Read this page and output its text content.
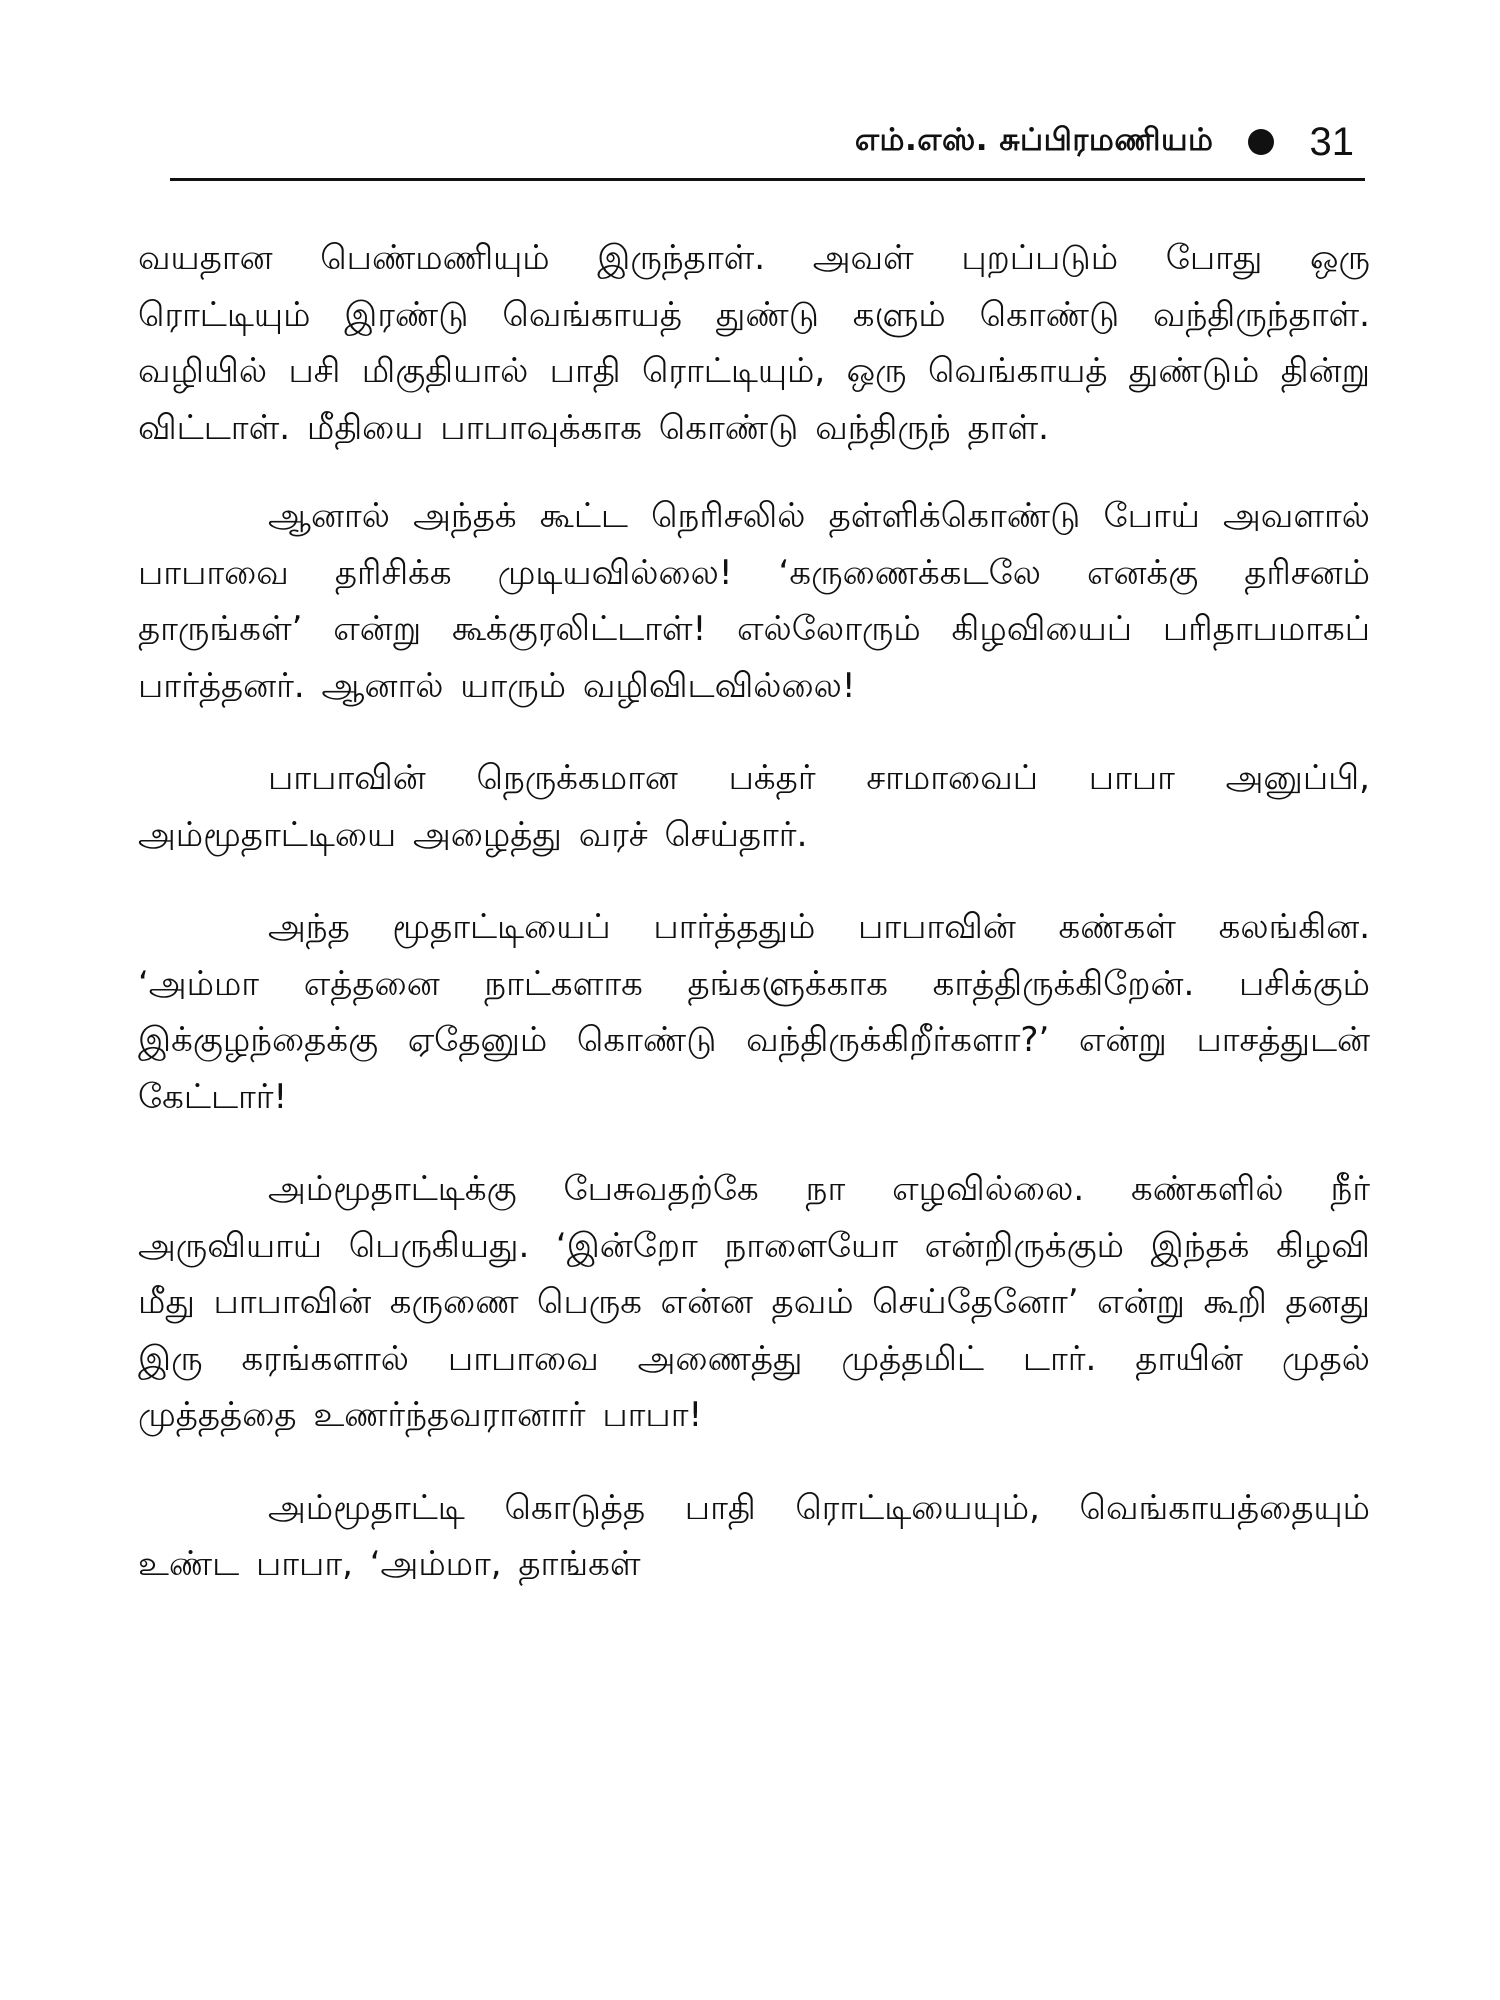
எம்.எஸ். சுப்பிரமணியம் 31

வயதான பெண்மணியும் இருந்தாள். அவள் புறப்படும் போது ஒரு ரொட்டியும் இரண்டு வெங்காயத் துண்டு களும் கொண்டு வந்திருந்தாள். வழியில் பசி மிகுதியால் பாதி ரொட்டியும், ஒரு வெங்காயத் துண்டும் தின்று விட்டாள். மீதியை பாபாவுக்காக கொண்டு வந்திருந் தாள்.

ஆனால் அந்தக் கூட்ட நெரிசலில் தள்ளிக்கொண்டு போய் அவளால் பாபாவை தரிசிக்க முடியவில்லை! ‘கருணைக்கடலே எனக்கு தரிசனம் தாருங்கள்’ என்று கூக்குரலிட்டாள்! எல்லோரும் கிழவியைப் பரிதாபமாகப் பார்த்தனர். ஆனால் யாரும் வழிவிடவில்லை!

பாபாவின் நெருக்கமான பக்தர் சாமாவைப் பாபா அனுப்பி, அம்மூதாட்டியை அழைத்து வரச் செய்தார்.

அந்த மூதாட்டியைப் பார்த்ததும் பாபாவின் கண்கள் கலங்கின. ‘அம்மா எத்தனை நாட்களாக தங்களுக்காக காத்திருக்கிறேன். பசிக்கும் இக்குழந்தைக்கு ஏதேனும் கொண்டு வந்திருக்கிறீர்களா?’ என்று பாசத்துடன் கேட்டார்!

அம்மூதாட்டிக்கு பேசுவதற்கே நா எழவில்லை. கண்களில் நீர் அருவியாய் பெருகியது. ‘இன்றோ நாளையோ என்றிருக்கும் இந்தக் கிழவி மீது பாபாவின் கருணை பெருக என்ன தவம் செய்தேனோ’ என்று கூறி தனது இரு கரங்களால் பாபாவை அணைத்து முத்தமிட் டார். தாயின் முதல் முத்தத்தை உணர்ந்தவரானார் பாபா!

அம்மூதாட்டி கொடுத்த பாதி ரொட்டியையும், வெங்காயத்தையும் உண்ட பாபா, ‘அம்மா, தாங்கள்
